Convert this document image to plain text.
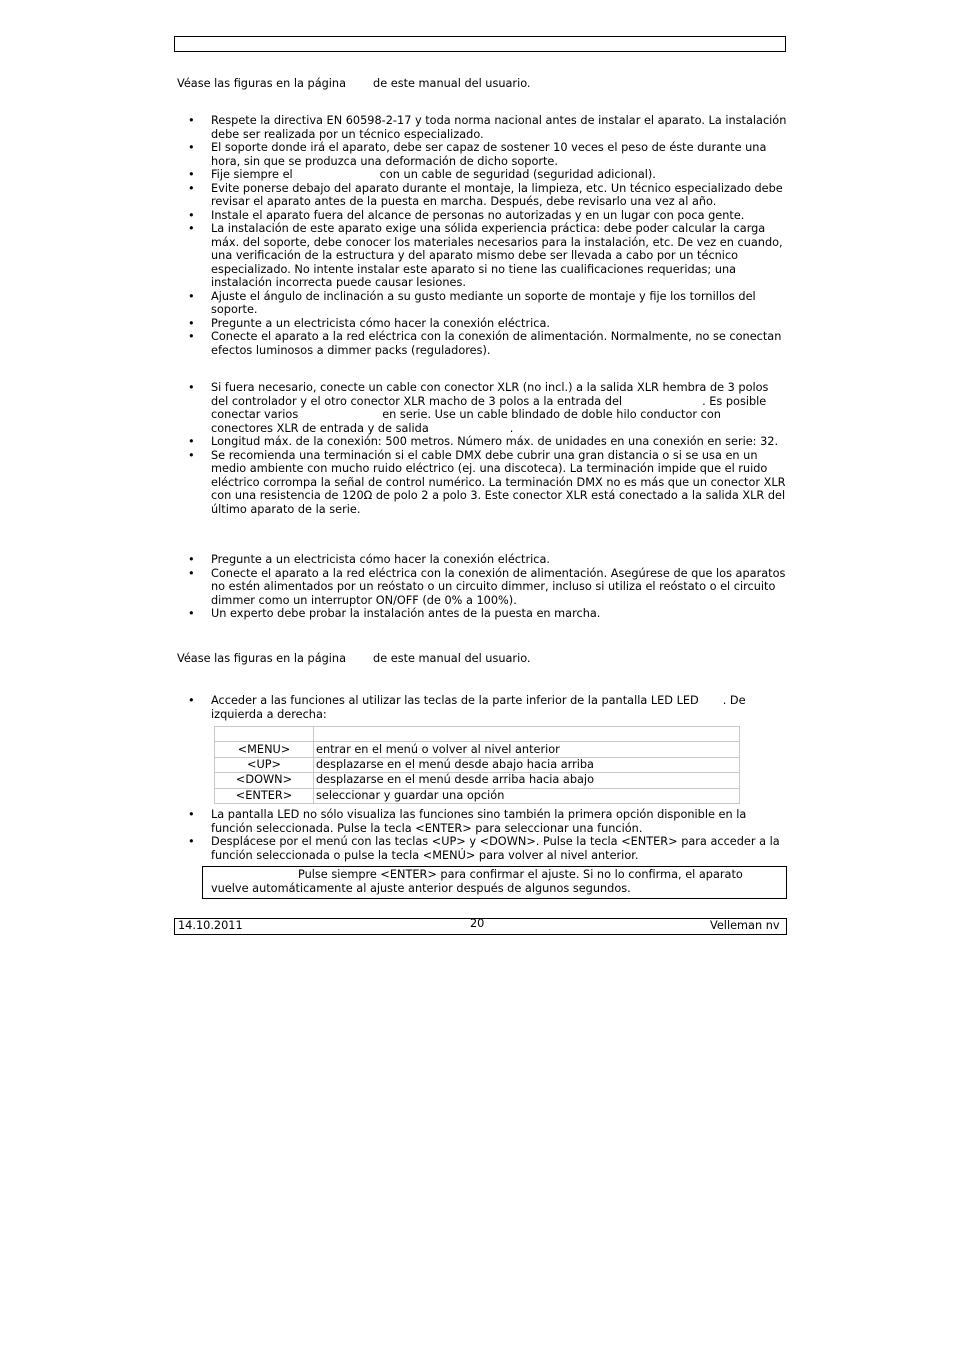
Véase las figuras en la página de este manual del usuario.
• Respete la directiva EN 60598-2-17 y toda norma nacional antes de instalar el aparato. La instalación debe ser realizada por un técnico especializado.
• El soporte donde irá el aparato, debe ser capaz de sostener 10 veces el peso de éste durante una hora, sin que se produzca una deformación de dicho soporte.
• Fije siempre el	con un cable de seguridad (seguridad adicional).
• Evite ponerse debajo del aparato durante el montaje, la limpieza, etc. Un técnico especializado debe revisar el aparato antes de la puesta en marcha. Después, debe revisarlo una vez al año.
• Instale el aparato fuera del alcance de personas no autorizadas y en un lugar con poca gente.
• La instalación de este aparato exige una sólida experiencia práctica: debe poder calcular la carga máx. del soporte, debe conocer los materiales necesarios para la instalación, etc. De vez en cuando, una verificación de la estructura y del aparato mismo debe ser llevada a cabo por un técnico especializado. No intente instalar este aparato si no tiene las cualificaciones requeridas; una instalación incorrecta puede causar lesiones.
• Ajuste el ángulo de inclinación a su gusto mediante un soporte de montaje y fije los tornillos del soporte.
• Pregunte a un electricista cómo hacer la conexión eléctrica.
• Conecte el aparato a la red eléctrica con la conexión de alimentación. Normalmente, no se conectan efectos luminosos a dimmer packs (reguladores).
• Si fuera necesario, conecte un cable con conector XLR (no incl.) a la salida XLR hembra de 3 polos
del controlador y el otro conector XLR macho de 3 polos a la entrada del	. Es posible
conectar varios	en serie. Use un cable blindado de doble hilo conductor con
conectores XLR de entrada y de salida	.
• Longitud máx. de la conexión: 500 metros. Número máx. de unidades en una conexión en serie: 32.
• Se recomienda una terminación si el cable DMX debe cubrir una gran distancia o si se usa en un medio ambiente con mucho ruido eléctrico (ej. una discoteca). La terminación impide que el ruido eléctrico corrompa la señal de control numérico. La terminación DMX no es más que un conector XLR con una resistencia de 120Ω de polo 2 a polo 3. Este conector XLR está conectado a la salida XLR del último aparato de la serie.
• Pregunte a un electricista cómo hacer la conexión eléctrica.
• Conecte el aparato a la red eléctrica con la conexión de alimentación. Asegúrese de que los aparatos no estén alimentados por un reóstato o un circuito dimmer, incluso si utiliza el reóstato o el circuito dimmer como un interruptor ON/OFF (de 0% a 100%).
• Un experto debe probar la instalación antes de la puesta en marcha.
Véase las figuras en la página de este manual del usuario.
• Acceder a las funciones al utilizar las teclas de la parte inferior de la pantalla LED LED . De
izquierda a derecha:

<MENU>	entrar en el menú o volver al nivel anterior
<UP>	desplazarse en el menú desde abajo hacia arriba
<DOWN>	desplazarse en el menú desde arriba hacia abajo
<ENTER>	seleccionar y guardar una opción
• La pantalla LED no sólo visualiza las funciones sino también la primera opción disponible en la función seleccionada. Pulse la tecla <ENTER> para seleccionar una función.
• Desplácese por el menú con las teclas <UP> y <DOWN>. Pulse la tecla <ENTER> para acceder a la función seleccionada o pulse la tecla <MENÚ> para volver al nivel anterior.
Pulse siempre <ENTER> para confirmar el ajuste. Si no lo confirma, el aparato
vuelve automáticamente al ajuste anterior después de algunos segundos.
14.10.2011	20	Velleman nv
